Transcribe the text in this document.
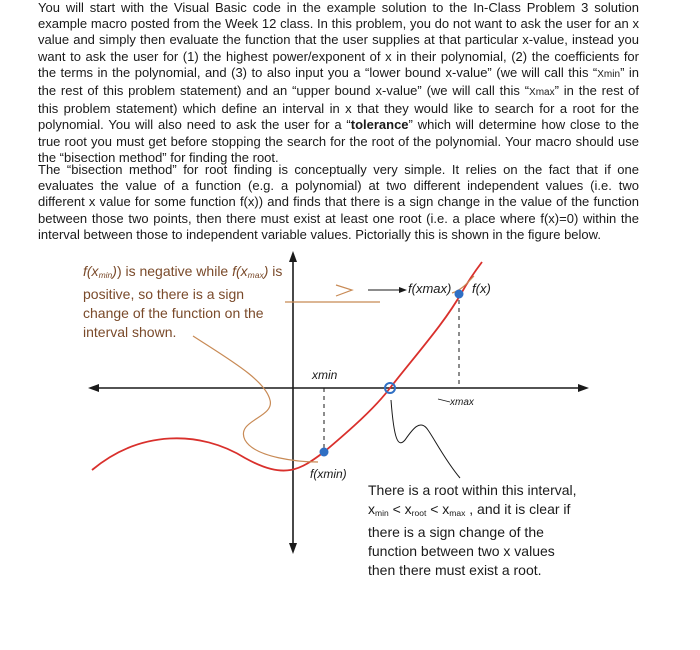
You will start with the Visual Basic code in the example solution to the In-Class Problem 3 solution example macro posted from the Week 12 class. In this problem, you do not want to ask the user for an x value and simply then evaluate the function that the user supplies at that particular x-value, instead you want to ask the user for (1) the highest power/exponent of x in their polynomial, (2) the coefficients for the terms in the polynomial, and (3) to also input you a “lower bound x-value” (we will call this “Xmin” in the rest of this problem statement) and an “upper bound x-value” (we will call this “Xmax” in the rest of this problem statement) which define an interval in x that they would like to search for a root for the polynomial. You will also need to ask the user for a “tolerance” which will determine how close to the true root you must get before stopping the search for the root of the polynomial. Your macro should use the “bisection method” for finding the root.

The “bisection method” for root finding is conceptually very simple. It relies on the fact that if one evaluates the value of a function (e.g. a polynomial) at two different independent values (i.e. two different x value for some function f(x)) and finds that there is a sign change in the value of the function between those two points, then there must exist at least one root (i.e. a place where f(x)=0) within the interval between those to independent variable values. Pictorially this is shown in the figure below.

$f(x_{min})$) is negative while $f(x_{max})$ is positive, so there is a sign change of the function on the interval shown.
xmin
xmax
f(xmax) f(x)
f(xmin)
There is a root within this interval,
$x_{min} < x_{root} < x_{max}$ , and it is clear if
there is a sign change of the
function between two x values
then there must exist a root.
